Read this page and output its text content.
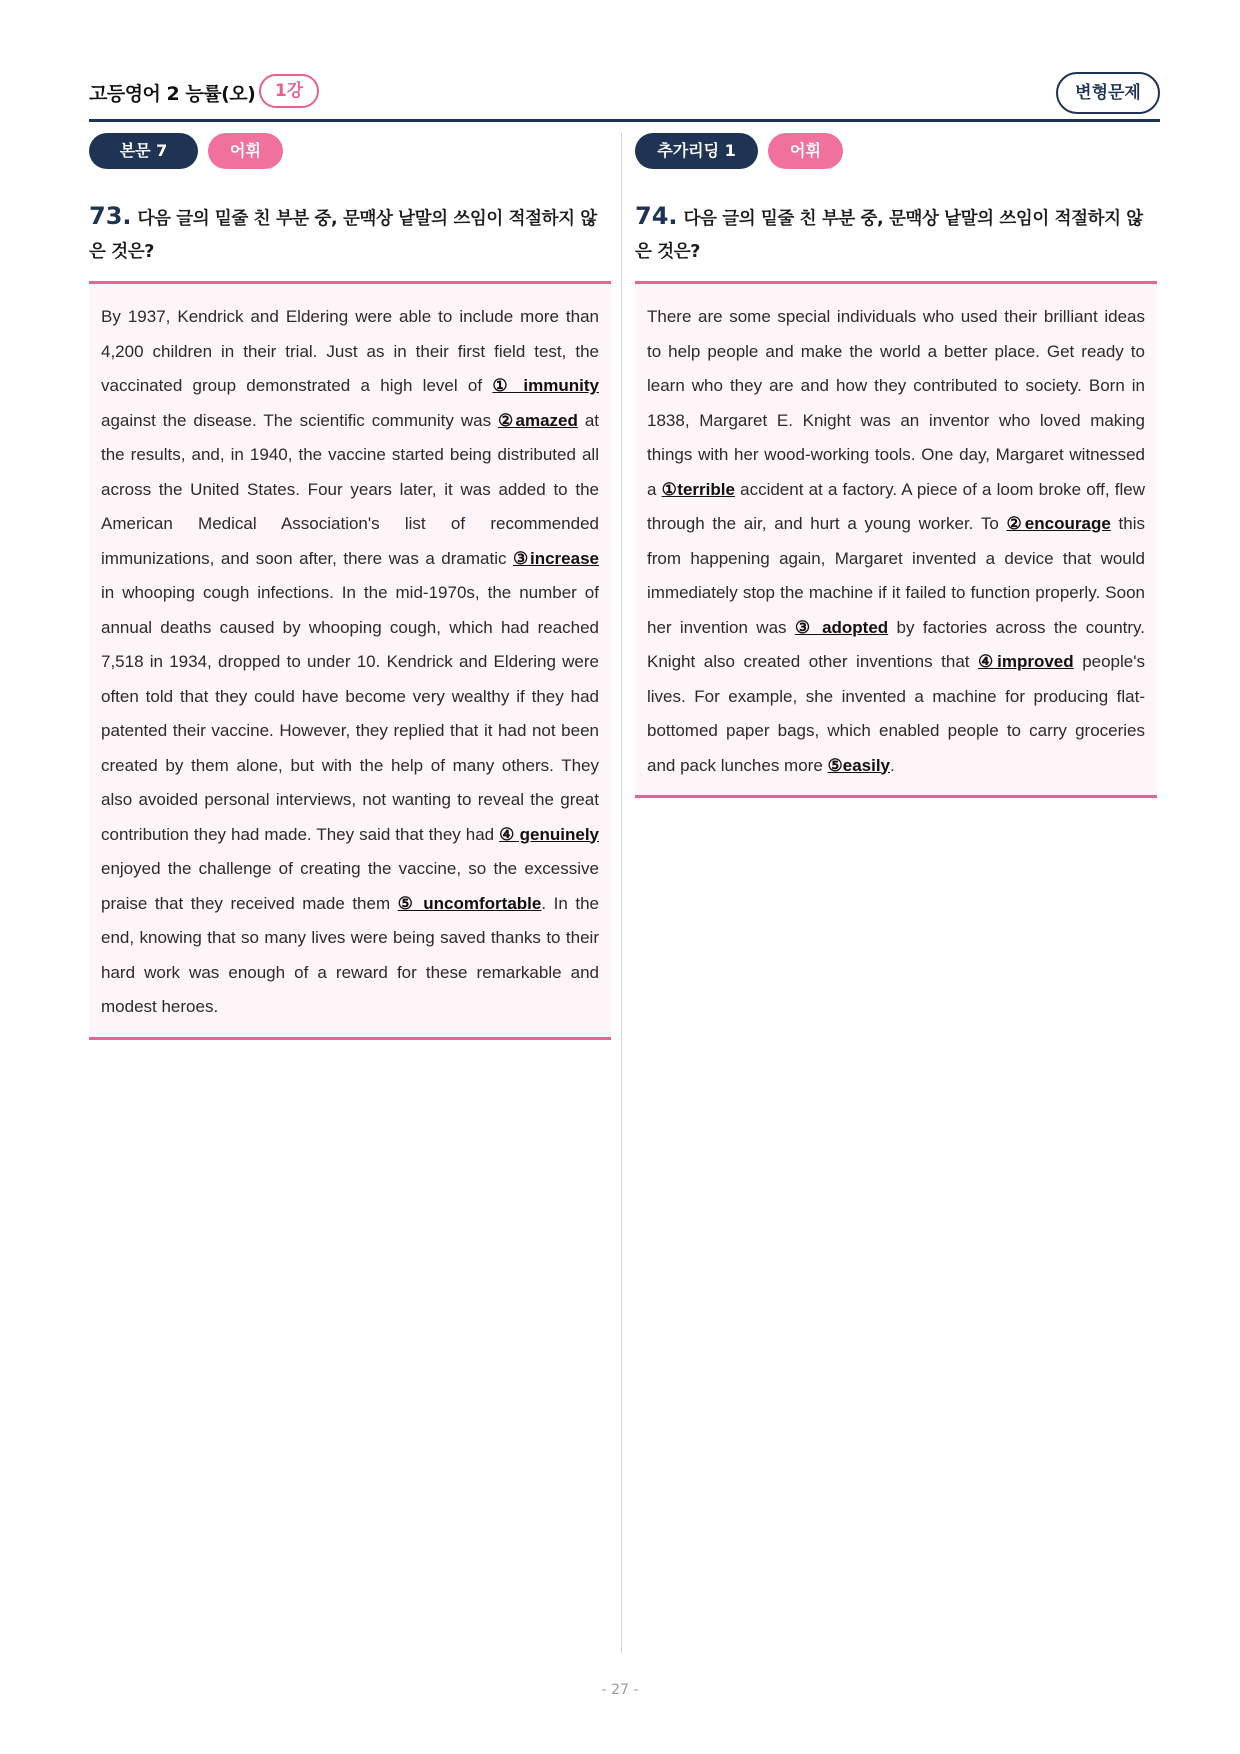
고등영어 2 능률(오)	1강	변형문제
본문 7	어휘
73. 다음 글의 밑줄 친 부분 중, 문맥상 낱말의 쓰임이 적절하지 않은 것은?

By 1937, Kendrick and Eldering were able to include more than 4,200 children in their trial. Just as in their first field test, the vaccinated group demonstrated a high level of ① immunity against the disease. The scientific community was ②amazed at the results, and, in 1940, the vaccine started being distributed all across the United States. Four years later, it was added to the American Medical Association's list of recommended immunizations, and soon after, there was a dramatic ③increase in whooping cough infections. In the mid-1970s, the number of annual deaths caused by whooping cough, which had reached 7,518 in 1934, dropped to under 10. Kendrick and Eldering were often told that they could have become very wealthy if they had patented their vaccine. However, they replied that it had not been created by them alone, but with the help of many others. They also avoided personal interviews, not wanting to reveal the great contribution they had made. They said that they had ④ genuinely enjoyed the challenge of creating the vaccine, so the excessive praise that they received made them ⑤ uncomfortable. In the end, knowing that so many lives were being saved thanks to their hard work was enough of a reward for these remarkable and modest heroes.

추가리딩 1	어휘
74. 다음 글의 밑줄 친 부분 중, 문맥상 낱말의 쓰임이 적절하지 않은 것은?

There are some special individuals who used their brilliant ideas to help people and make the world a better place. Get ready to learn who they are and how they contributed to society. Born in 1838, Margaret E. Knight was an inventor who loved making things with her wood-working tools. One day, Margaret witnessed a ①terrible accident at a factory. A piece of a loom broke off, flew through the air, and hurt a young worker. To ②encourage this from happening again, Margaret invented a device that would immediately stop the machine if it failed to function properly. Soon her invention was ③ adopted by factories across the country. Knight also created other inventions that ④improved people's lives. For example, she invented a machine for producing flat-bottomed paper bags, which enabled people to carry groceries and pack lunches more ⑤easily.

- 27 -
